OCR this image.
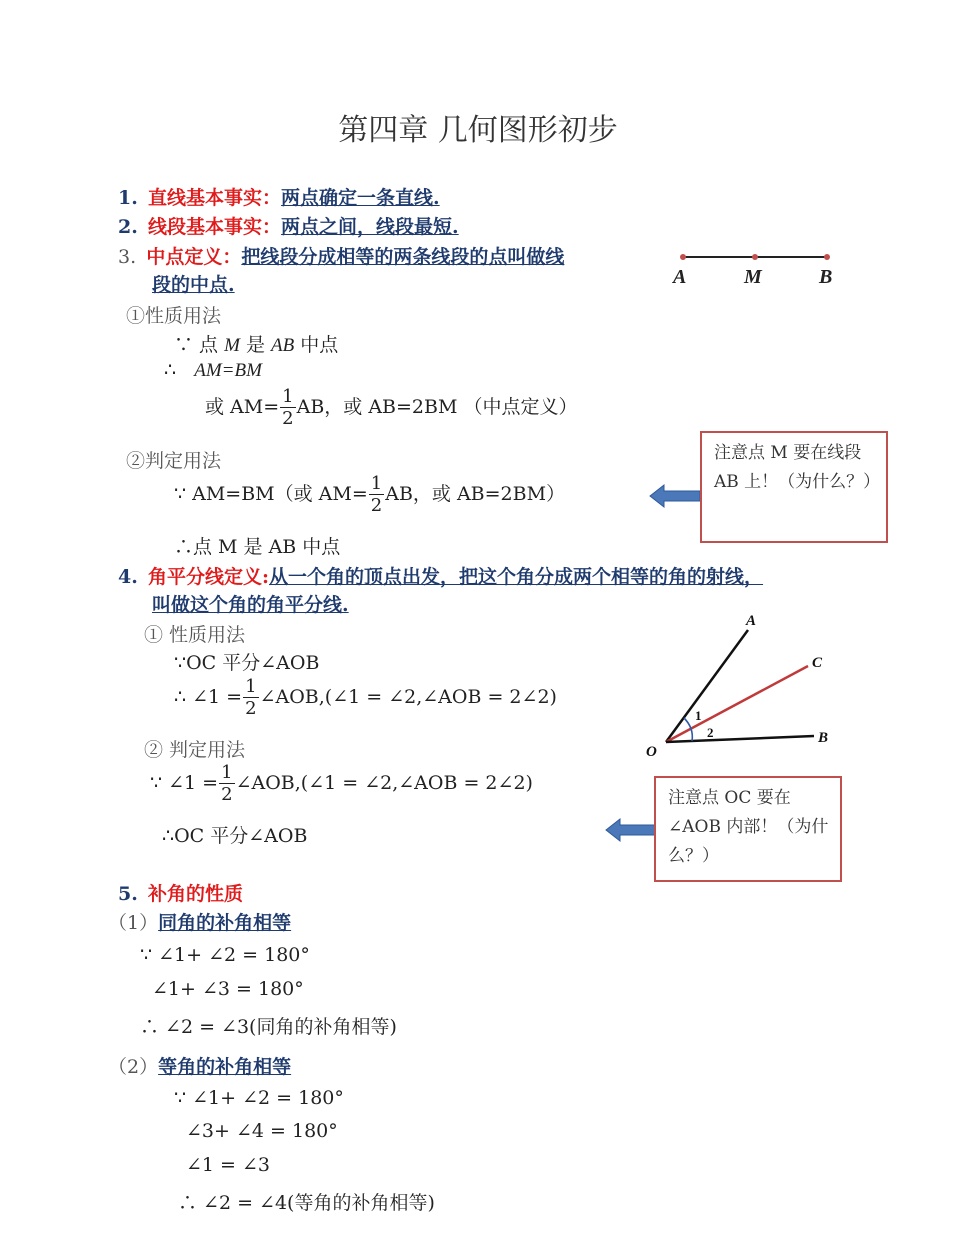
第四章 几何图形初步
1. 直线基本事实：两点确定一条直线.
2. 线段基本事实：两点之间，线段最短.
3. 中点定义：把线段分成相等的两条线段的点叫做线
段的中点.	A	M	B
①性质用法
∵ 点 M 是 AB 中点
∴ AM=BM
或 $AM= \frac{1}{2}$ AB，或 AB=2BM （中点定义）
②判定用法
∵ AM=BM（或 $AM= \frac{1}{2}$ AB，或 AB=2BM）
∴点 M 是 AB 中点
注意点 M 要在线段 AB 上！（为什么？）
4. 角平分线定义:从一个角的顶点出发，把这个角分成两个相等的角的射线，
叫做这个角的角平分线.
① 性质用法
∵OC 平分∠AOB
∴ ∠1 = $\frac{1}{2}$ ∠AOB,(∠1 = ∠2,∠AOB = 2∠2)
② 判定用法
∵ ∠1 = $\frac{1}{2}$ ∠AOB,(∠1 = ∠2,∠AOB = 2∠2)
∴OC 平分∠AOB
A
C
B
O
1
2
注意点 OC 要在∠AOB 内部！（为什么？）
5. 补角的性质
（1）同角的补角相等
∵ ∠1+ ∠2 = 180°
∠1+ ∠3 = 180°
∴ ∠2 = ∠3(同角的补角相等)
（2）等角的补角相等
∵ ∠1+ ∠2 = 180°
∠3+ ∠4 = 180°
∠1 = ∠3
∴ ∠2 = ∠4(等角的补角相等)
